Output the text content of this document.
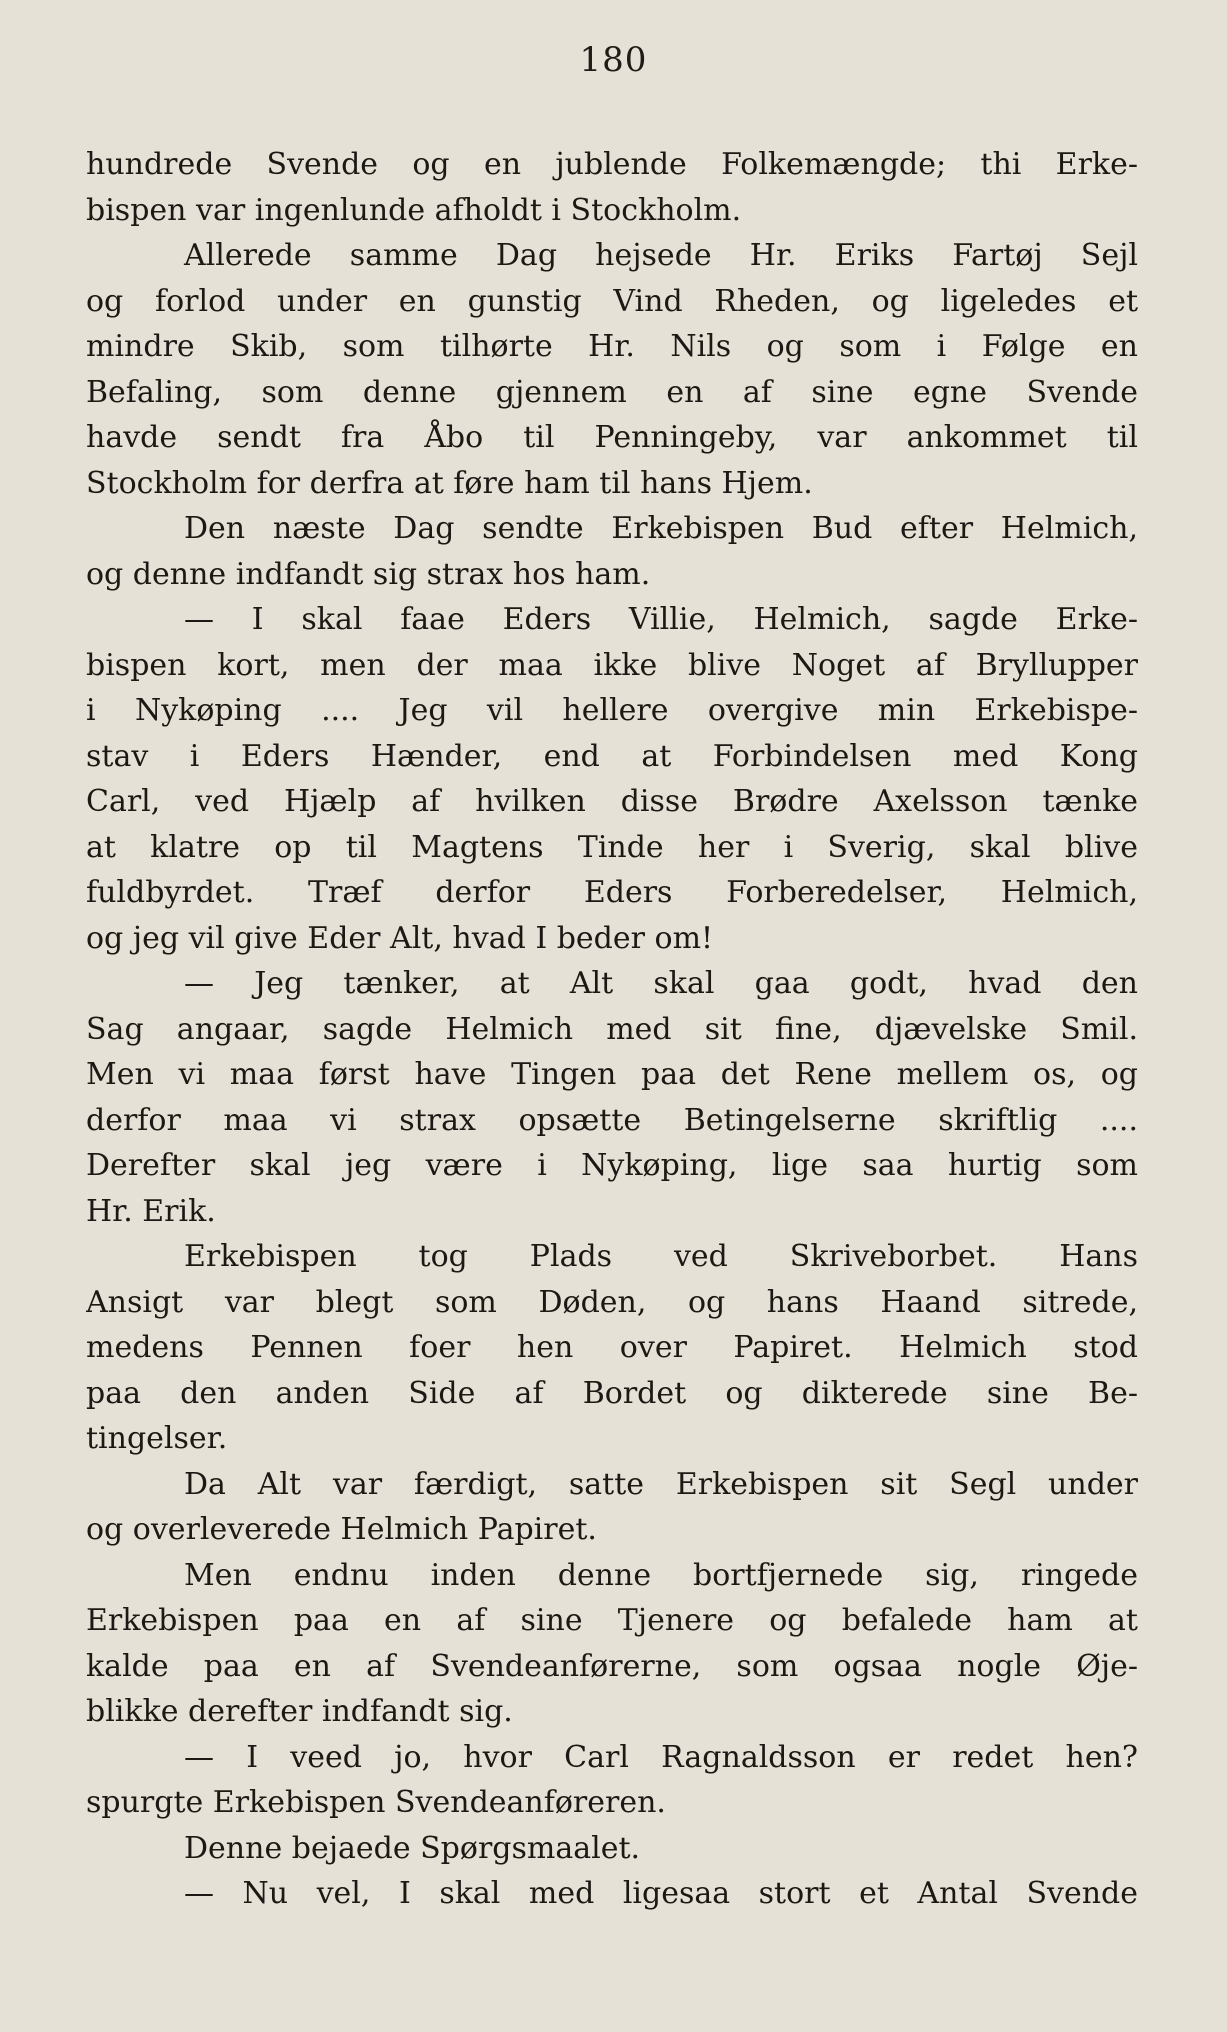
180
hundrede Svende og en jublende Folkemængde; thi Erke-
bispen var ingenlunde afholdt i Stockholm.
Allerede samme Dag hejsede Hr. Eriks Fartøj Sejl
og forlod under en gunstig Vind Rheden, og ligeledes et
mindre Skib, som tilhørte Hr. Nils og som i Følge en
Befaling, som denne gjennem en af sine egne Svende
havde sendt fra Åbo til Penningeby, var ankommet til
Stockholm for derfra at føre ham til hans Hjem.
Den næste Dag sendte Erkebispen Bud efter Helmich,
og denne indfandt sig strax hos ham.
— I skal faae Eders Villie, Helmich, sagde Erke-
bispen kort, men der maa ikke blive Noget af Bryllupper
i Nykøping .... Jeg vil hellere overgive min Erkebispe-
stav i Eders Hænder, end at Forbindelsen med Kong
Carl, ved Hjælp af hvilken disse Brødre Axelsson tænke
at klatre op til Magtens Tinde her i Sverig, skal blive
fuldbyrdet. Træf derfor Eders Forberedelser, Helmich,
og jeg vil give Eder Alt, hvad I beder om!
— Jeg tænker, at Alt skal gaa godt, hvad den
Sag angaar, sagde Helmich med sit fine, djævelske Smil.
Men vi maa først have Tingen paa det Rene mellem os, og
derfor maa vi strax opsætte Betingelserne skriftlig ....
Derefter skal jeg være i Nykøping, lige saa hurtig som
Hr. Erik.
Erkebispen tog Plads ved Skriveborbet. Hans
Ansigt var blegt som Døden, og hans Haand sitrede,
medens Pennen foer hen over Papiret. Helmich stod
paa den anden Side af Bordet og dikterede sine Be-
tingelser.
Da Alt var færdigt, satte Erkebispen sit Segl under
og overleverede Helmich Papiret.
Men endnu inden denne bortfjernede sig, ringede
Erkebispen paa en af sine Tjenere og befalede ham at
kalde paa en af Svendeanførerne, som ogsaa nogle Øje-
blikke derefter indfandt sig.
— I veed jo, hvor Carl Ragnaldsson er redet hen?
spurgte Erkebispen Svendeanføreren.
Denne bejaede Spørgsmaalet.
— Nu vel, I skal med ligesaa stort et Antal Svende
